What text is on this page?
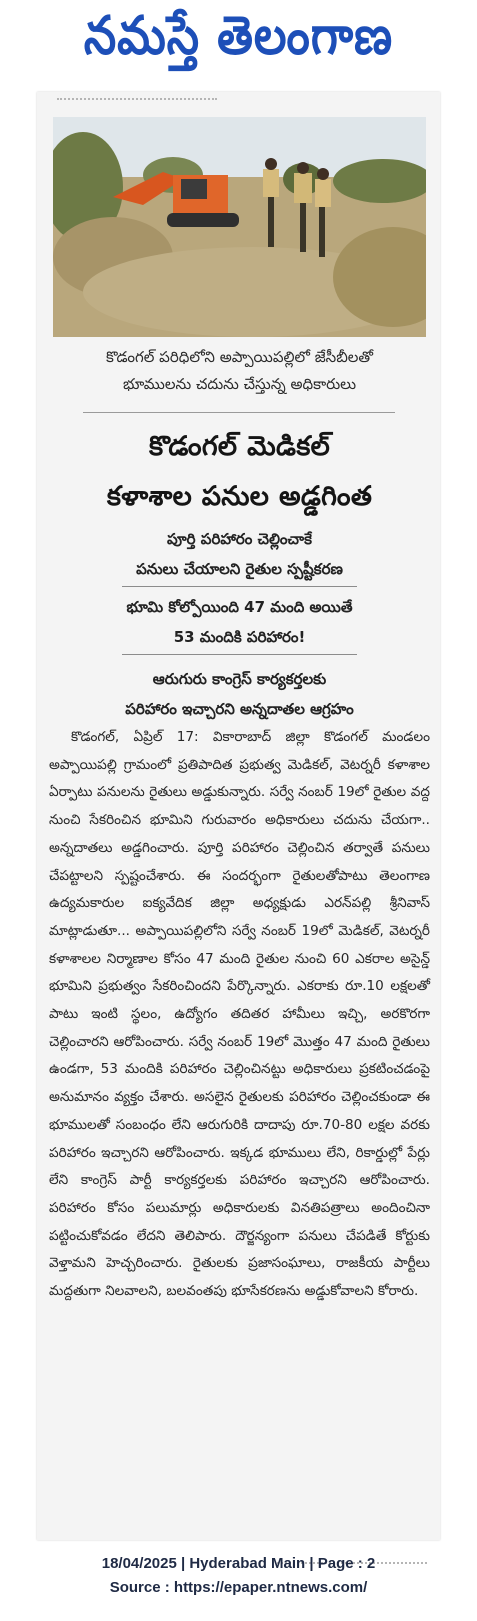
నమస్తే తెలంగాణ
కొడంగల్ పరిధిలోని అప్పాయిపల్లిలో జేసీబీలతో
భూములను చదును చేస్తున్న అధికారులు
కొడంగల్ మెడికల్
కళాశాల పనుల అడ్డగింత
పూర్తి పరిహారం చెల్లించాకే
పనులు చేయాలని రైతుల స్పష్టీకరణ
భూమి కోల్పోయింది 47 మంది అయితే
53 మందికి పరిహారం!
ఆరుగురు కాంగ్రెస్ కార్యకర్తలకు
పరిహారం ఇచ్చారని అన్నదాతల ఆగ్రహం

కొడంగల్, ఏప్రిల్ 17: వికారాబాద్ జిల్లా కొడంగల్ మండలం అప్పాయిపల్లి గ్రామంలో ప్రతిపాదిత ప్రభుత్వ మెడికల్, వెటర్నరీ కళాశాల ఏర్పాటు పనులను రైతులు అడ్డుకున్నారు. సర్వే నంబర్ 19లో రైతుల వద్ద నుంచి సేకరించిన భూమిని గురువారం అధికారులు చదును చేయగా.. అన్నదాతలు అడ్డగించారు. పూర్తి పరిహారం చెల్లించిన తర్వాతే పనులు చేపట్టాలని స్పష్టంచేశారు. ఈ సందర్భంగా రైతులతోపాటు తెలంగాణ ఉద్యమకారుల ఐక్యవేదిక జిల్లా అధ్యక్షుడు ఎరన్‌పల్లి శ్రీనివాస్ మాట్లాడుతూ... అప్పాయిపల్లిలోని సర్వే నంబర్ 19లో మెడికల్, వెటర్నరీ కళాశాలల నిర్మాణాల కోసం 47 మంది రైతుల నుంచి 60 ఎకరాల అసైన్డ్ భూమిని ప్రభుత్వం సేకరించిందని పేర్కొన్నారు. ఎకరాకు రూ.10 లక్షలతో పాటు ఇంటి స్థలం, ఉద్యోగం తదితర హామీలు ఇచ్చి, అరకొరగా చెల్లించారని ఆరోపించారు. సర్వే నంబర్ 19లో మొత్తం 47 మంది రైతులు ఉండగా, 53 మందికి పరిహారం చెల్లించినట్టు అధికారులు ప్రకటించడంపై అనుమానం వ్యక్తం చేశారు. అసలైన రైతులకు పరిహారం చెల్లించకుండా ఈ భూములతో సంబంధం లేని ఆరుగురికి దాదాపు రూ.70-80 లక్షల వరకు పరిహారం ఇచ్చారని ఆరోపించారు. ఇక్కడ భూములు లేని, రికార్డుల్లో పేర్లు లేని కాంగ్రెస్ పార్టీ కార్యకర్తలకు పరిహారం ఇచ్చారని ఆరోపించారు. పరిహారం కోసం పలుమార్లు అధికారులకు వినతిపత్రాలు అందించినా పట్టించుకోవడం లేదని తెలిపారు. దౌర్జన్యంగా పనులు చేపడితే కోర్టుకు వెళ్తామని హెచ్చరించారు. రైతులకు ప్రజాసంఘాలు, రాజకీయ పార్టీలు మద్దతుగా నిలవాలని, బలవంతపు భూసేకరణను అడ్డుకోవాలని కోరారు.

18/04/2025 | Hyderabad Main | Page : 2
Source : https://epaper.ntnews.com/
